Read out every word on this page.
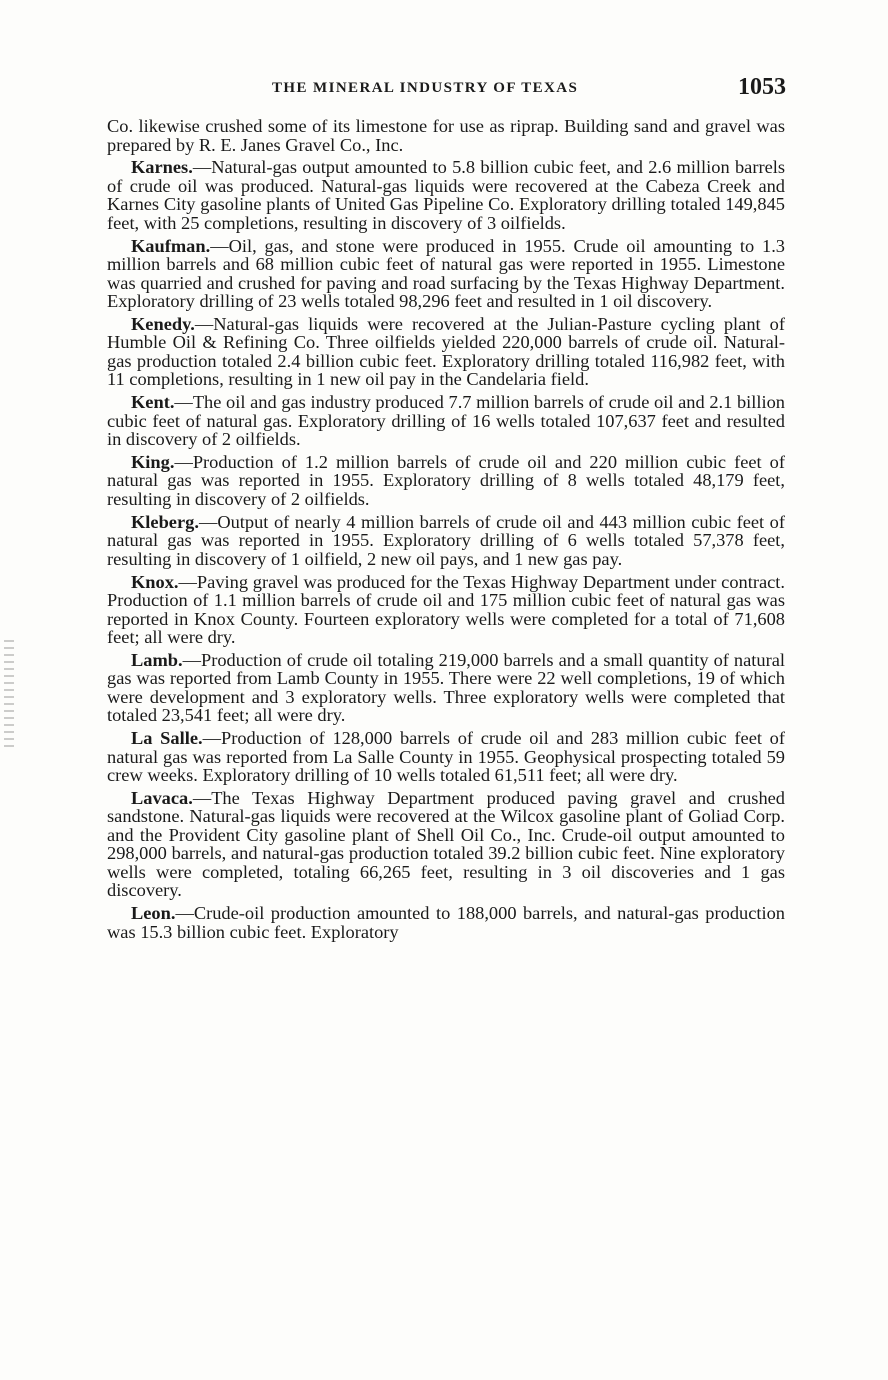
THE MINERAL INDUSTRY OF TEXAS	1053

Co. likewise crushed some of its limestone for use as riprap. Building sand and gravel was prepared by R. E. Janes Gravel Co., Inc.

Karnes.—Natural-gas output amounted to 5.8 billion cubic feet, and 2.6 million barrels of crude oil was produced. Natural-gas liquids were recovered at the Cabeza Creek and Karnes City gasoline plants of United Gas Pipeline Co. Exploratory drilling totaled 149,845 feet, with 25 completions, resulting in discovery of 3 oilfields.

Kaufman.—Oil, gas, and stone were produced in 1955. Crude oil amounting to 1.3 million barrels and 68 million cubic feet of natural gas were reported in 1955. Limestone was quarried and crushed for paving and road surfacing by the Texas Highway Department. Exploratory drilling of 23 wells totaled 98,296 feet and resulted in 1 oil discovery.

Kenedy.—Natural-gas liquids were recovered at the Julian-Pasture cycling plant of Humble Oil & Refining Co. Three oilfields yielded 220,000 barrels of crude oil. Natural-gas production totaled 2.4 billion cubic feet. Exploratory drilling totaled 116,982 feet, with 11 completions, resulting in 1 new oil pay in the Candelaria field.

Kent.—The oil and gas industry produced 7.7 million barrels of crude oil and 2.1 billion cubic feet of natural gas. Exploratory drilling of 16 wells totaled 107,637 feet and resulted in discovery of 2 oilfields.

King.—Production of 1.2 million barrels of crude oil and 220 million cubic feet of natural gas was reported in 1955. Exploratory drilling of 8 wells totaled 48,179 feet, resulting in discovery of 2 oilfields.

Kleberg.—Output of nearly 4 million barrels of crude oil and 443 million cubic feet of natural gas was reported in 1955. Exploratory drilling of 6 wells totaled 57,378 feet, resulting in discovery of 1 oilfield, 2 new oil pays, and 1 new gas pay.

Knox.—Paving gravel was produced for the Texas Highway Department under contract. Production of 1.1 million barrels of crude oil and 175 million cubic feet of natural gas was reported in Knox County. Fourteen exploratory wells were completed for a total of 71,608 feet; all were dry.

Lamb.—Production of crude oil totaling 219,000 barrels and a small quantity of natural gas was reported from Lamb County in 1955. There were 22 well completions, 19 of which were development and 3 exploratory wells. Three exploratory wells were completed that totaled 23,541 feet; all were dry.

La Salle.—Production of 128,000 barrels of crude oil and 283 million cubic feet of natural gas was reported from La Salle County in 1955. Geophysical prospecting totaled 59 crew weeks. Exploratory drilling of 10 wells totaled 61,511 feet; all were dry.

Lavaca.—The Texas Highway Department produced paving gravel and crushed sandstone. Natural-gas liquids were recovered at the Wilcox gasoline plant of Goliad Corp. and the Provident City gasoline plant of Shell Oil Co., Inc. Crude-oil output amounted to 298,000 barrels, and natural-gas production totaled 39.2 billion cubic feet. Nine exploratory wells were completed, totaling 66,265 feet, resulting in 3 oil discoveries and 1 gas discovery.

Leon.—Crude-oil production amounted to 188,000 barrels, and natural-gas production was 15.3 billion cubic feet. Exploratory
